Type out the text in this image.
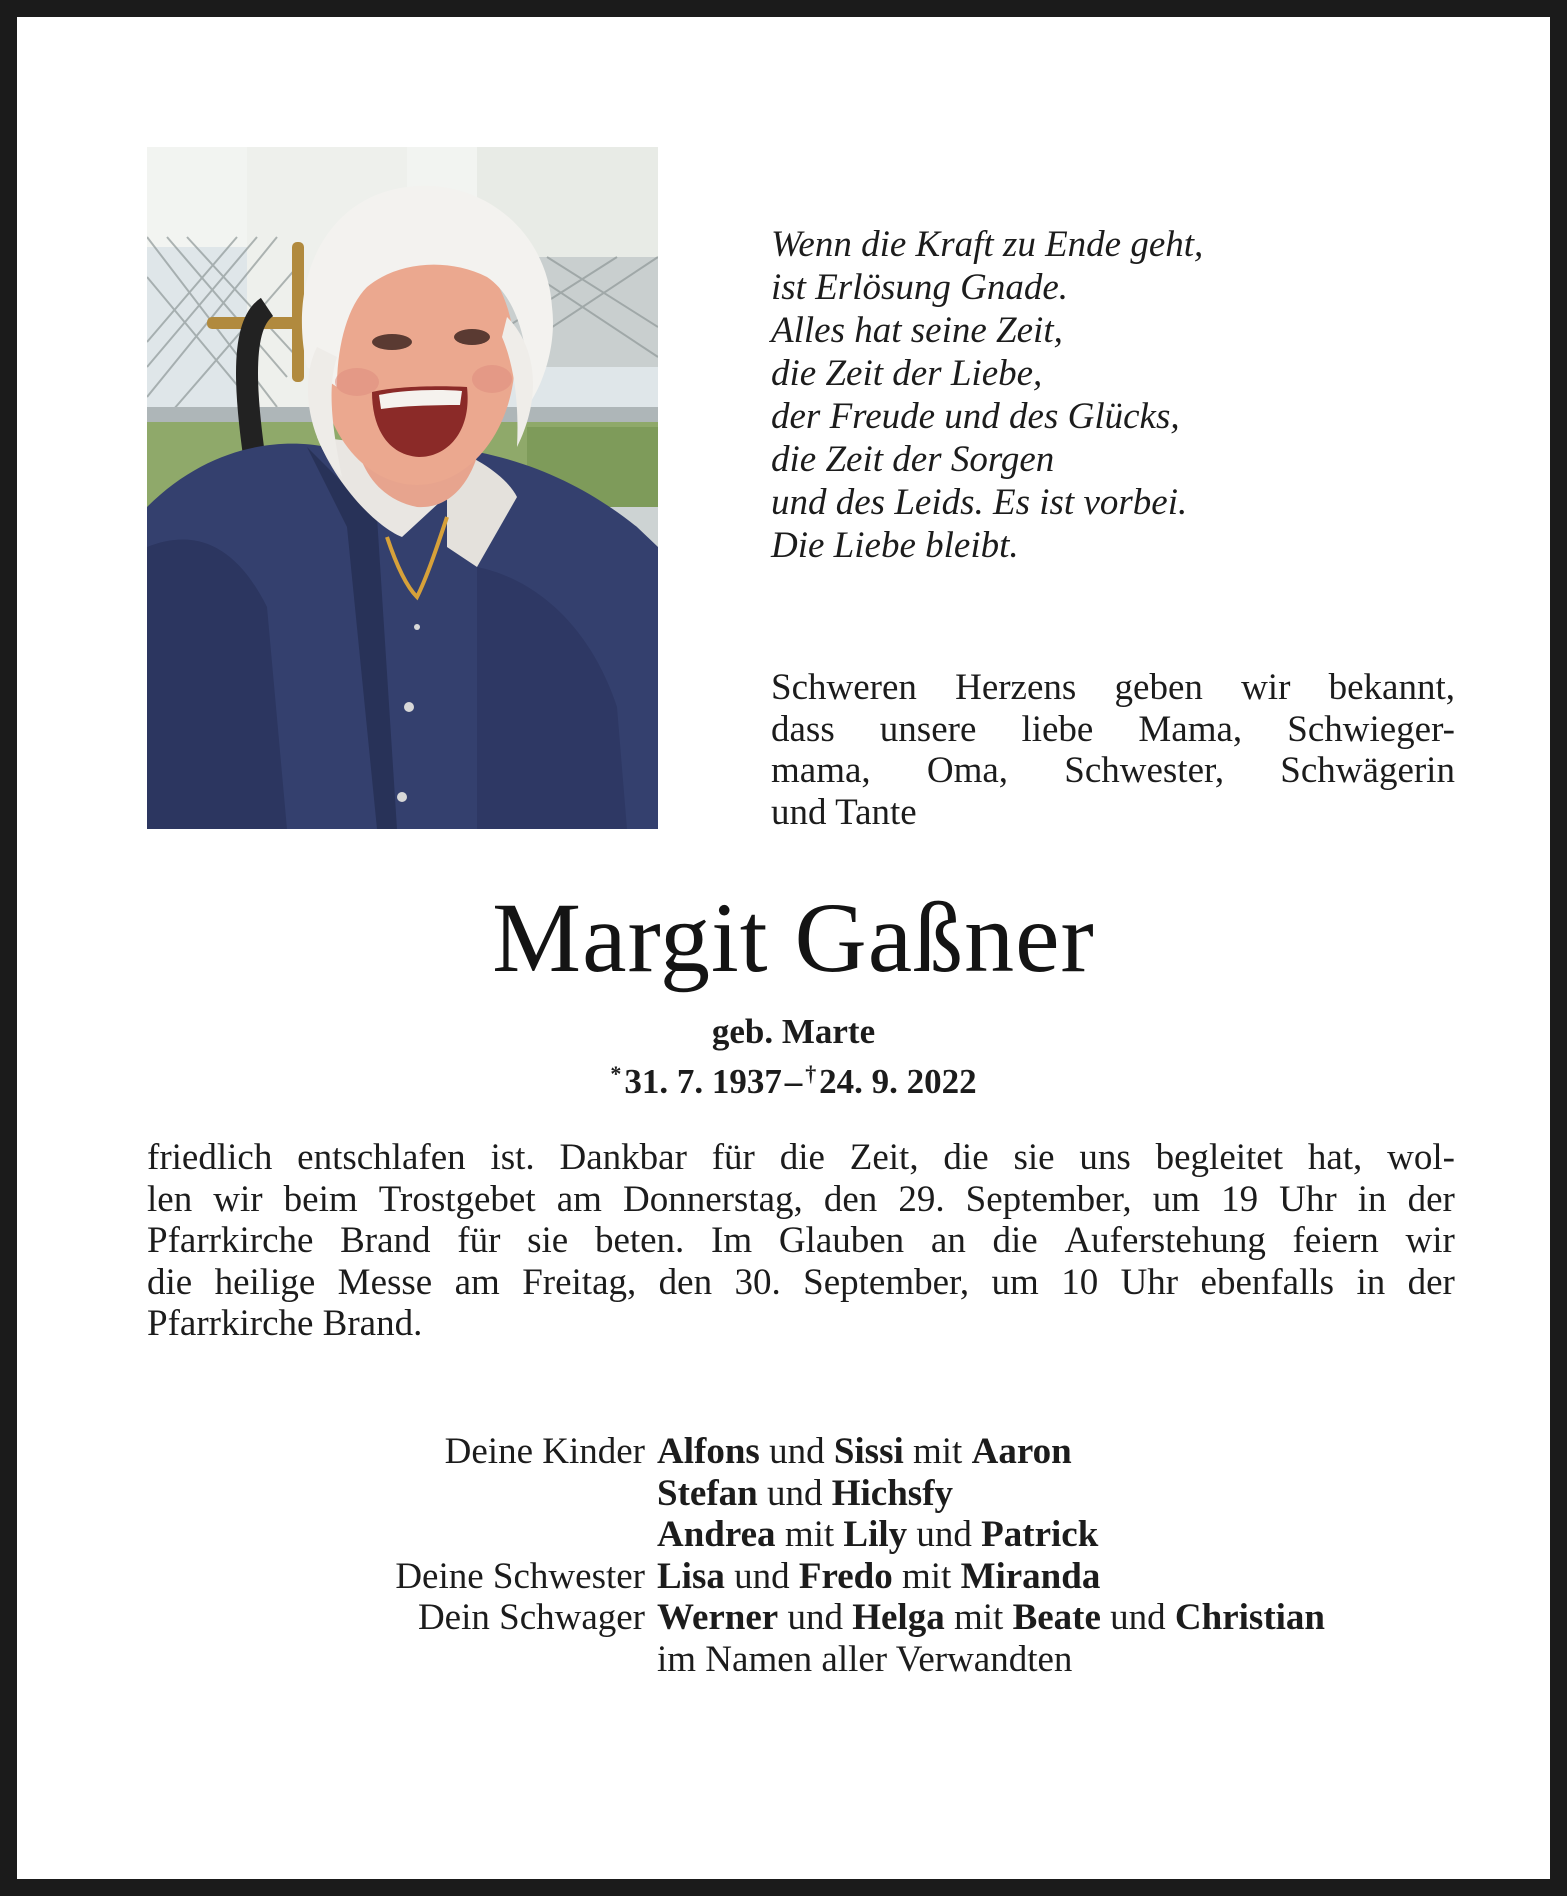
Wenn die Kraft zu Ende geht,
ist Erlösung Gnade.
Alles hat seine Zeit,
die Zeit der Liebe,
der Freude und des Glücks,
die Zeit der Sorgen
und des Leids. Es ist vorbei.
Die Liebe bleibt.
Schweren Herzens geben wir bekannt,
dass unsere liebe Mama, Schwieger-
mama, Oma, Schwester, Schwägerin
und Tante
Margit Gaßner
geb. Marte
* 31. 7. 1937 –  † 24. 9. 2022
friedlich entschlafen ist. Dankbar für die Zeit, die sie uns begleitet hat, wol-
len wir beim Trostgebet am Donnerstag, den 29. September, um 19 Uhr in der
Pfarrkirche Brand für sie beten. Im Glauben an die Auferstehung feiern wir
die heilige Messe am Freitag, den 30. September, um 10 Uhr ebenfalls in der
Pfarrkirche Brand.
Deine Kinder Alfons und Sissi mit Aaron
Stefan und Hichsfy
Andrea mit Lily und Patrick
Deine Schwester Lisa und Fredo mit Miranda
Dein Schwager Werner und Helga mit Beate und Christian
im Namen aller Verwandten
